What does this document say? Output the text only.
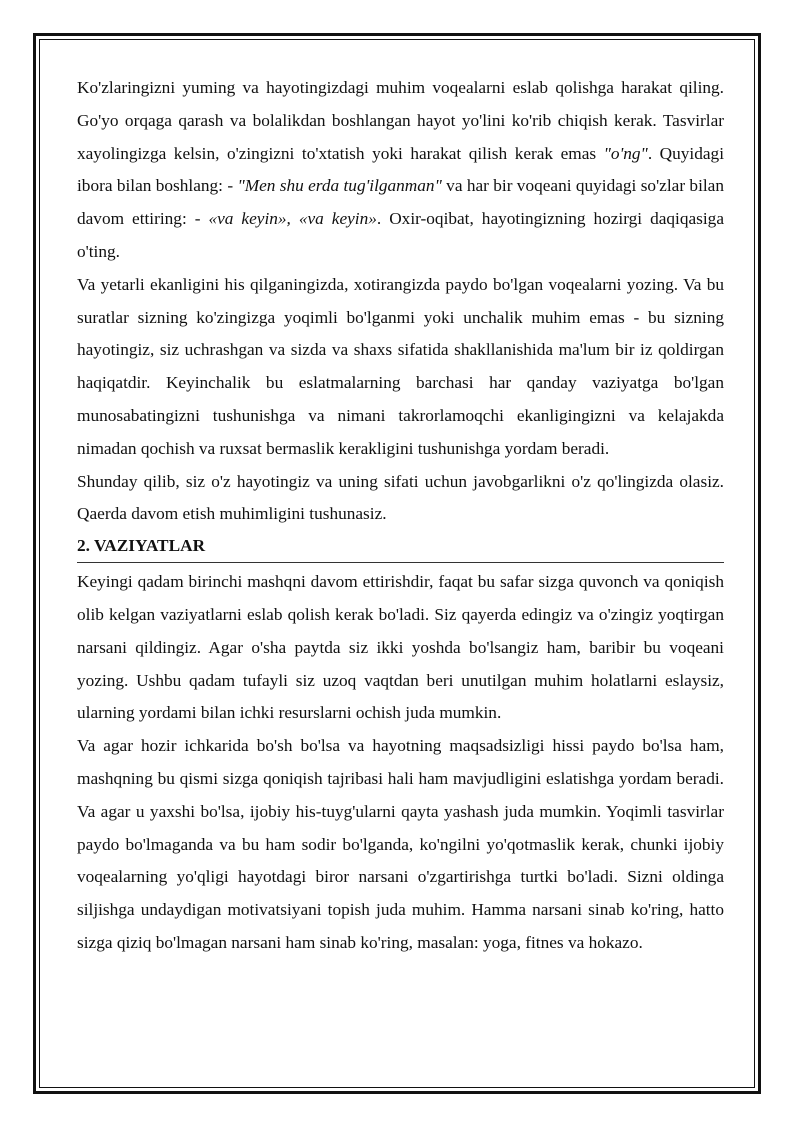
Ko'zlaringizni yuming va hayotingizdagi muhim voqealarni eslab qolishga harakat qiling. Go'yo orqaga qarash va bolalikdan boshlangan hayot yo'lini ko'rib chiqish kerak. Tasvirlar xayolingizga kelsin, o'zingizni to'xtatish yoki harakat qilish kerak emas "o'ng". Quyidagi ibora bilan boshlang: - "Men shu erda tug'ilganman" va har bir voqeani quyidagi so'zlar bilan davom ettiring: - «va keyin», «va keyin». Oxir-oqibat, hayotingizning hozirgi daqiqasiga o'ting.

Va yetarli ekanligini his qilganingizda, xotirangizda paydo bo'lgan voqealarni yozing. Va bu suratlar sizning ko'zingizga yoqimli bo'lganmi yoki unchalik muhim emas - bu sizning hayotingiz, siz uchrashgan va sizda va shaxs sifatida shakllanishida ma'lum bir iz qoldirgan haqiqatdir. Keyinchalik bu eslatmalarning barchasi har qanday vaziyatga bo'lgan munosabatingizni tushunishga va nimani takrorlamoqchi ekanligingizni va kelajakda nimadan qochish va ruxsat bermaslik kerakligini tushunishga yordam beradi.

Shunday qilib, siz o'z hayotingiz va uning sifati uchun javobgarlikni o'z qo'lingizda olasiz. Qaerda davom etish muhimligini tushunasiz.

2. VAZIYATLAR

Keyingi qadam birinchi mashqni davom ettirishdir, faqat bu safar sizga quvonch va qoniqish olib kelgan vaziyatlarni eslab qolish kerak bo'ladi. Siz qayerda edingiz va o'zingiz yoqtirgan narsani qildingiz. Agar o'sha paytda siz ikki yoshda bo'lsangiz ham, baribir bu voqeani yozing. Ushbu qadam tufayli siz uzoq vaqtdan beri unutilgan muhim holatlarni eslaysiz, ularning yordami bilan ichki resurslarni ochish juda mumkin.

Va agar hozir ichkarida bo'sh bo'lsa va hayotning maqsadsizligi hissi paydo bo'lsa ham, mashqning bu qismi sizga qoniqish tajribasi hali ham mavjudligini eslatishga yordam beradi. Va agar u yaxshi bo'lsa, ijobiy his-tuyg'ularni qayta yashash juda mumkin. Yoqimli tasvirlar paydo bo'lmaganda va bu ham sodir bo'lganda, ko'ngilni yo'qotmaslik kerak, chunki ijobiy voqealarning yo'qligi hayotdagi biror narsani o'zgartirishga turtki bo'ladi. Sizni oldinga siljishga undaydigan motivatsiyani topish juda muhim. Hamma narsani sinab ko'ring, hatto sizga qiziq bo'lmagan narsani ham sinab ko'ring, masalan: yoga, fitnes va hokazo.
